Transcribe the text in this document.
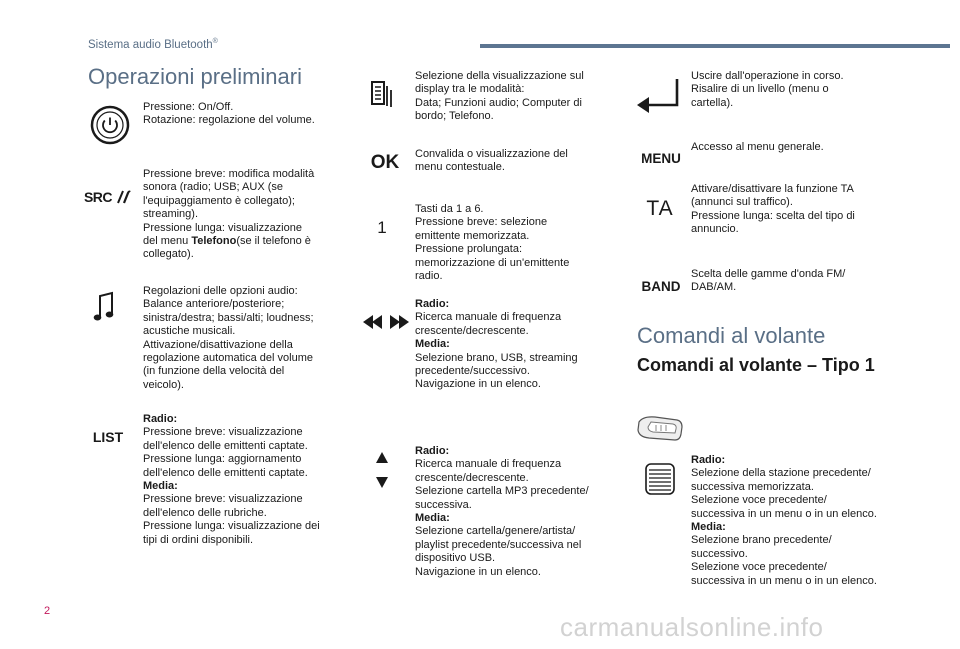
Sistema audio Bluetooth®
Operazioni preliminari
Pressione: On/Off.
Rotazione: regolazione del volume.
SRC
Pressione breve: modifica modalità
sonora (radio; USB; AUX (se
l'equipaggiamento è collegato);
streaming).
Pressione lunga: visualizzazione
del menu Telefono(se il telefono è
collegato).
Regolazioni delle opzioni audio:
Balance anteriore/posteriore;
sinistra/destra; bassi/alti; loudness;
acustiche musicali.
Attivazione/disattivazione della
regolazione automatica del volume
(in funzione della velocità del
veicolo).
LIST
Radio:
Pressione breve: visualizzazione
dell'elenco delle emittenti captate.
Pressione lunga: aggiornamento
dell'elenco delle emittenti captate.
Media:
Pressione breve: visualizzazione
dell'elenco delle rubriche.
Pressione lunga: visualizzazione dei
tipi di ordini disponibili.
Selezione della visualizzazione sul
display tra le modalità:
Data; Funzioni audio; Computer di
bordo; Telefono.
OK Convalida o visualizzazione del
menu contestuale.
1
Tasti da 1 a 6.
Pressione breve: selezione
emittente memorizzata.
Pressione prolungata:
memorizzazione di un'emittente
radio.
Radio:
Ricerca manuale di frequenza
crescente/decrescente.
Media:
Selezione brano, USB, streaming
precedente/successivo.
Navigazione in un elenco.
Radio:
Ricerca manuale di frequenza
crescente/decrescente.
Selezione cartella MP3 precedente/
successiva.
Media:
Selezione cartella/genere/artista/
playlist precedente/successiva nel
dispositivo USB.
Navigazione in un elenco.
Uscire dall'operazione in corso.
Risalire di un livello (menu o
cartella).
MENU
Accesso al menu generale.
TA
Attivare/disattivare la funzione TA
(annunci sul traffico).
Pressione lunga: scelta del tipo di
annuncio.
BAND
Scelta delle gamme d'onda FM/
DAB/AM.
Comandi al volante
Comandi al volante – Tipo 1
Radio:
Selezione della stazione precedente/
successiva memorizzata.
Selezione voce precedente/
successiva in un menu o in un elenco.
Media:
Selezione brano precedente/
successivo.
Selezione voce precedente/
successiva in un menu o in un elenco.
2
carmanualsonline.info
